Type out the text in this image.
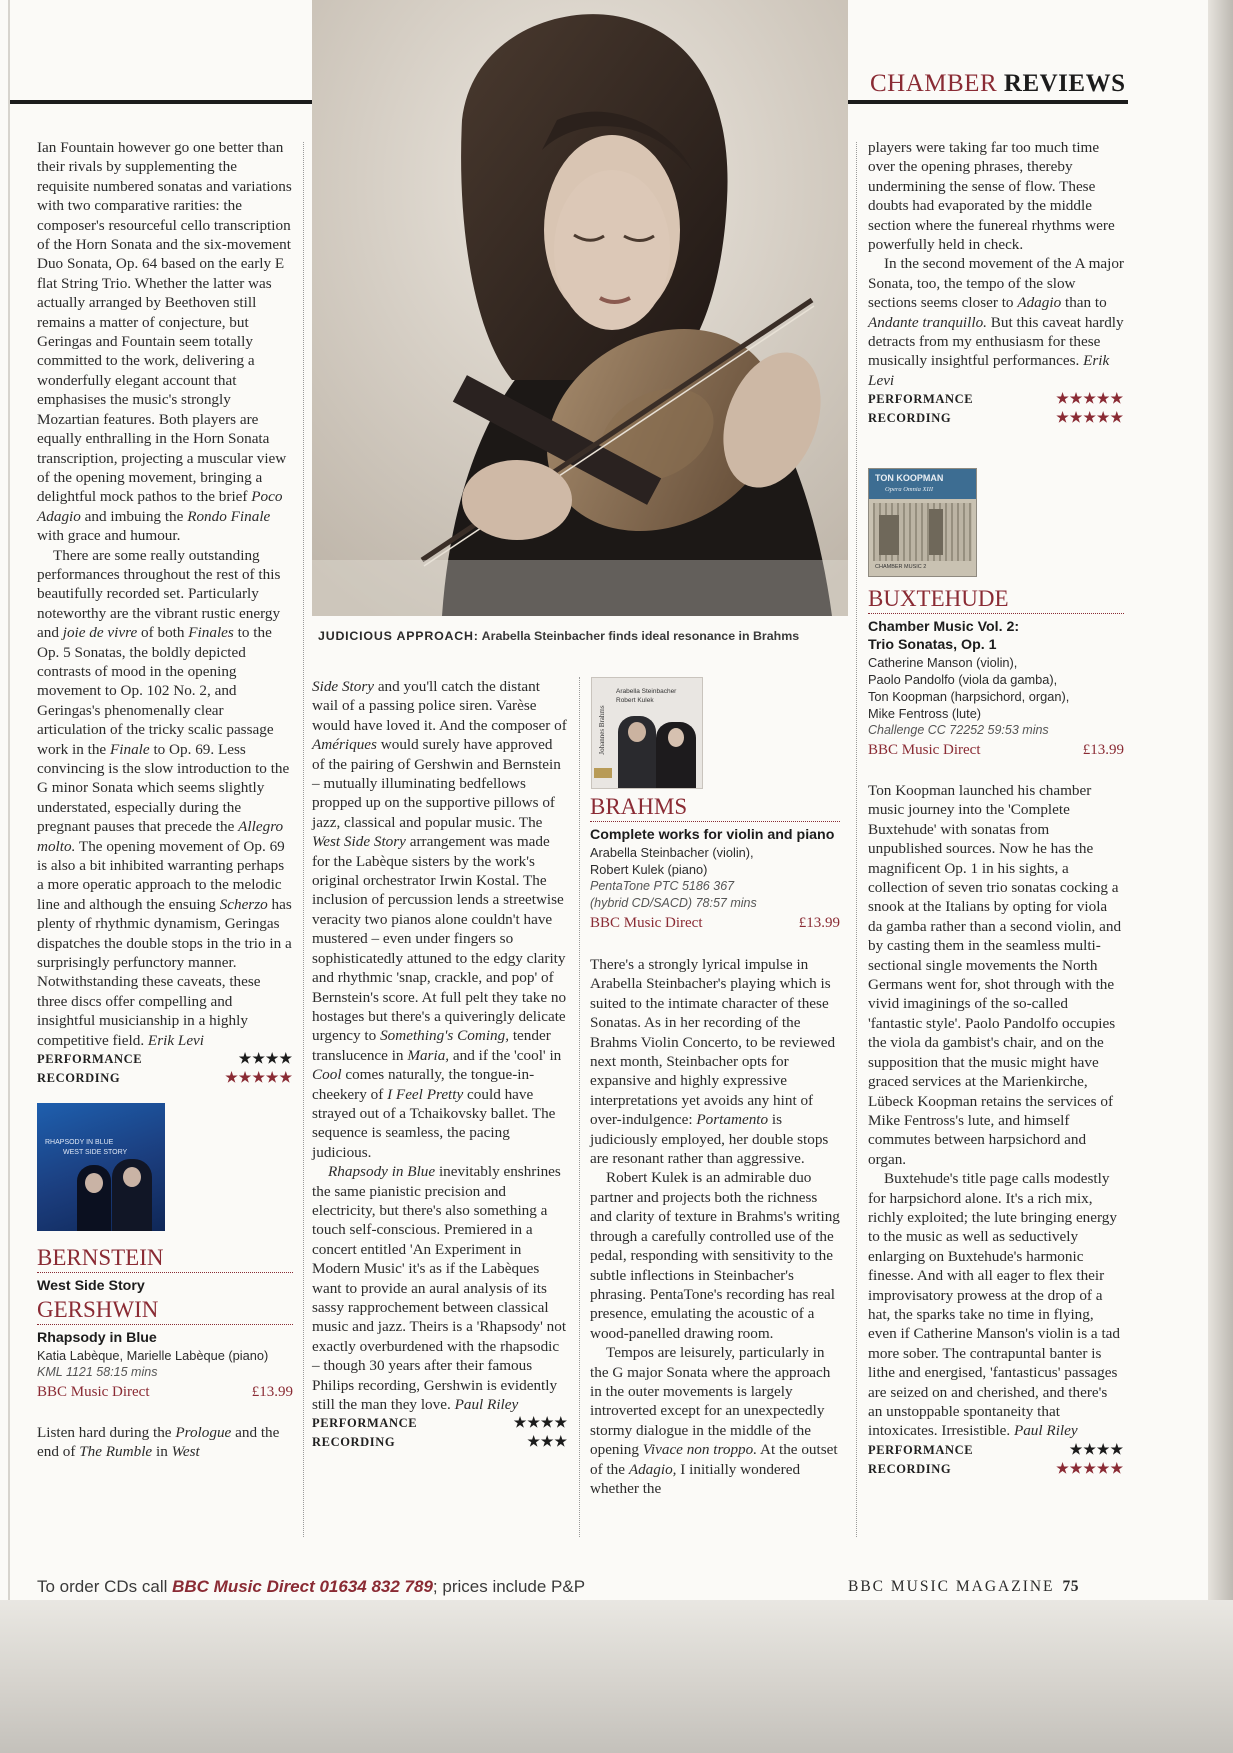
CHAMBER REVIEWS
JUDICIOUS APPROACH: Arabella Steinbacher finds ideal resonance in Brahms

Ian Fountain however go one better than their rivals by supplementing the requisite numbered sonatas and variations with two comparative rarities: the composer's resourceful cello transcription of the Horn Sonata and the six-movement Duo Sonata, Op. 64 based on the early E flat String Trio. Whether the latter was actually arranged by Beethoven still remains a matter of conjecture, but Geringas and Fountain seem totally committed to the work, delivering a wonderfully elegant account that emphasises the music's strongly Mozartian features. Both players are equally enthralling in the Horn Sonata transcription, projecting a muscular view of the opening movement, bringing a delightful mock pathos to the brief Poco Adagio and imbuing the Rondo Finale with grace and humour.

There are some really outstanding performances throughout the rest of this beautifully recorded set. Particularly noteworthy are the vibrant rustic energy and joie de vivre of both Finales to the Op. 5 Sonatas, the boldly depicted contrasts of mood in the opening movement to Op. 102 No. 2, and Geringas's phenomenally clear articulation of the tricky scalic passage work in the Finale to Op. 69. Less convincing is the slow introduction to the G minor Sonata which seems slightly understated, especially during the pregnant pauses that precede the Allegro molto. The opening movement of Op. 69 is also a bit inhibited warranting perhaps a more operatic approach to the melodic line and although the ensuing Scherzo has plenty of rhythmic dynamism, Geringas dispatches the double stops in the trio in a surprisingly perfunctory manner. Notwithstanding these caveats, these three discs offer compelling and insightful musicianship in a highly competitive field. Erik Levi

PERFORMANCE	★★★★
RECORDING	★★★★★
RHAPSODY IN BLUE
WEST SIDE STORY
BERNSTEIN
West Side Story
GERSHWIN
Rhapsody in Blue
Katia Labèque, Marielle Labèque (piano)
KML 1121 58:15 mins
BBC Music Direct	£13.99

Listen hard during the Prologue and the end of The Rumble in West

Side Story and you'll catch the distant wail of a passing police siren. Varèse would have loved it. And the composer of Amériques would surely have approved of the pairing of Gershwin and Bernstein – mutually illuminating bedfellows propped up on the supportive pillows of jazz, classical and popular music. The West Side Story arrangement was made for the Labèque sisters by the work's original orchestrator Irwin Kostal. The inclusion of percussion lends a streetwise veracity two pianos alone couldn't have mustered – even under fingers so sophisticatedly attuned to the edgy clarity and rhythmic 'snap, crackle, and pop' of Bernstein's score. At full pelt they take no hostages but there's a quiveringly delicate urgency to Something's Coming, tender translucence in Maria, and if the 'cool' in Cool comes naturally, the tongue-in-cheekery of I Feel Pretty could have strayed out of a Tchaikovsky ballet. The sequence is seamless, the pacing judicious.

Rhapsody in Blue inevitably enshrines the same pianistic precision and electricity, but there's also something a touch self-conscious. Premiered in a concert entitled 'An Experiment in Modern Music' it's as if the Labèques want to provide an aural analysis of its sassy rapprochement between classical music and jazz. Theirs is a 'Rhapsody' not exactly overburdened with the rhapsodic – though 30 years after their famous Philips recording, Gershwin is evidently still the man they love. Paul Riley

PERFORMANCE	★★★★
RECORDING	★★★
Johannes Brahms
Arabella Steinbacher
Robert Kulek
BRAHMS
Complete works for violin and piano
Arabella Steinbacher (violin),
Robert Kulek (piano)
PentaTone PTC 5186 367
(hybrid CD/SACD) 78:57 mins
BBC Music Direct	£13.99

There's a strongly lyrical impulse in Arabella Steinbacher's playing which is suited to the intimate character of these Sonatas. As in her recording of the Brahms Violin Concerto, to be reviewed next month, Steinbacher opts for expansive and highly expressive interpretations yet avoids any hint of over-indulgence: Portamento is judiciously employed, her double stops are resonant rather than aggressive.

Robert Kulek is an admirable duo partner and projects both the richness and clarity of texture in Brahms's writing through a carefully controlled use of the pedal, responding with sensitivity to the subtle inflections in Steinbacher's phrasing. PentaTone's recording has real presence, emulating the acoustic of a wood-panelled drawing room.

Tempos are leisurely, particularly in the G major Sonata where the approach in the outer movements is largely introverted except for an unexpectedly stormy dialogue in the middle of the opening Vivace non troppo. At the outset of the Adagio, I initially wondered whether the

players were taking far too much time over the opening phrases, thereby undermining the sense of flow. These doubts had evaporated by the middle section where the funereal rhythms were powerfully held in check.

In the second movement of the A major Sonata, too, the tempo of the slow sections seems closer to Adagio than to Andante tranquillo. But this caveat hardly detracts from my enthusiasm for these musically insightful performances. Erik Levi

PERFORMANCE	★★★★★
RECORDING	★★★★★
TON KOOPMAN
Opera Omnia XIII
CHAMBER MUSIC 2
BUXTEHUDE
Chamber Music Vol. 2:
Trio Sonatas, Op. 1
Catherine Manson (violin),
Paolo Pandolfo (viola da gamba),
Ton Koopman (harpsichord, organ),
Mike Fentross (lute)
Challenge CC 72252 59:53 mins
BBC Music Direct	£13.99

Ton Koopman launched his chamber music journey into the 'Complete Buxtehude' with sonatas from unpublished sources. Now he has the magnificent Op. 1 in his sights, a collection of seven trio sonatas cocking a snook at the Italians by opting for viola da gamba rather than a second violin, and by casting them in the seamless multi-sectional single movements the North Germans went for, shot through with the vivid imaginings of the so-called 'fantastic style'. Paolo Pandolfo occupies the viola da gambist's chair, and on the supposition that the music might have graced services at the Marienkirche, Lübeck Koopman retains the services of Mike Fentross's lute, and himself commutes between harpsichord and organ.

Buxtehude's title page calls modestly for harpsichord alone. It's a rich mix, richly exploited; the lute bringing energy to the music as well as seductively enlarging on Buxtehude's harmonic finesse. And with all eager to flex their improvisatory prowess at the drop of a hat, the sparks take no time in flying, even if Catherine Manson's violin is a tad more sober. The contrapuntal banter is lithe and energised, 'fantasticus' passages are seized on and cherished, and there's an unstoppable spontaneity that intoxicates. Irresistible. Paul Riley

PERFORMANCE	★★★★
RECORDING	★★★★★
To order CDs call BBC Music Direct 01634 832 789; prices include P&P	BBC MUSIC MAGAZINE 75
